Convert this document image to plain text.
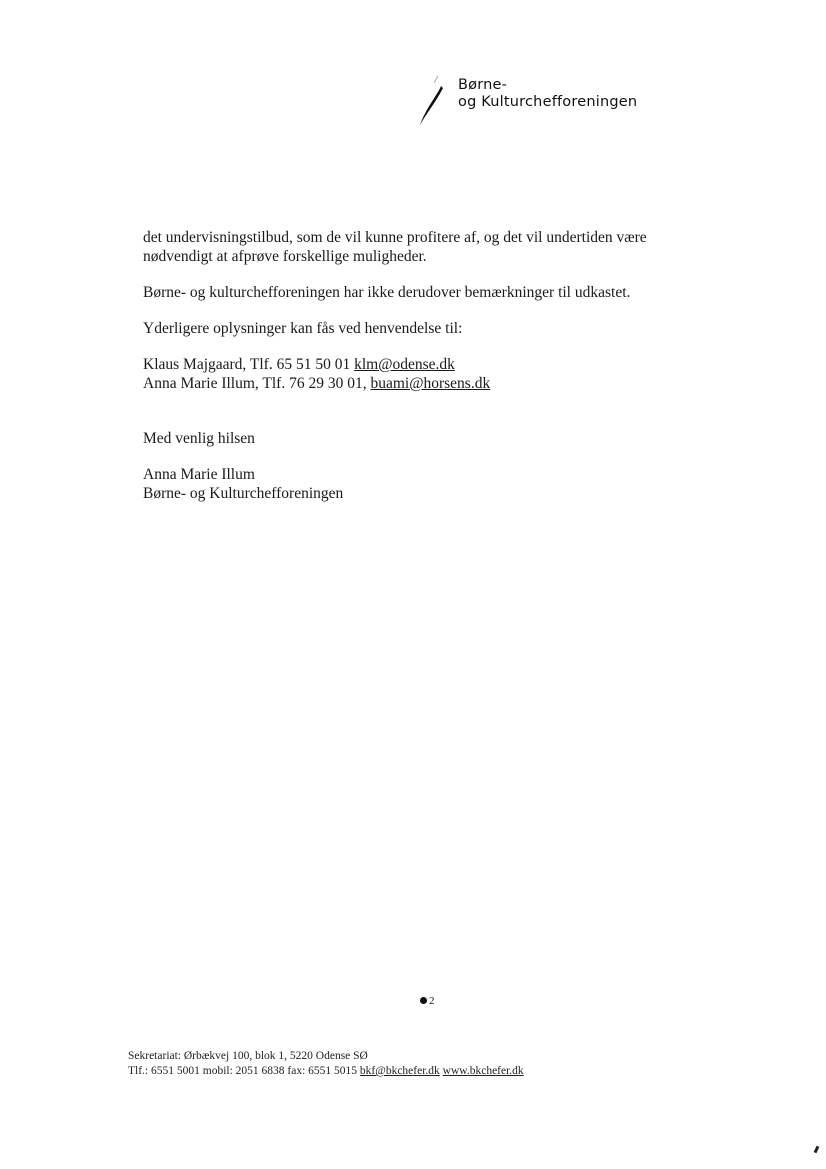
Børne-
og Kulturchefforeningen

det undervisningstilbud, som de vil kunne profitere af, og det vil undertiden være

nødvendigt at afprøve forskellige muligheder.

Børne- og kulturchefforeningen har ikke derudover bemærkninger til udkastet.

Yderligere oplysninger kan fås ved henvendelse til:

Klaus Majgaard, Tlf. 65 51 50 01 klm@odense.dk

Anna Marie Illum, Tlf. 76 29 30 01, buami@horsens.dk

Med venlig hilsen

Anna Marie Illum

Børne- og Kulturchefforeningen

2

Sekretariat: Ørbækvej 100, blok 1, 5220 Odense SØ

Tlf.: 6551 5001 mobil: 2051 6838 fax: 6551 5015 bkf@bkchefer.dk www.bkchefer.dk
